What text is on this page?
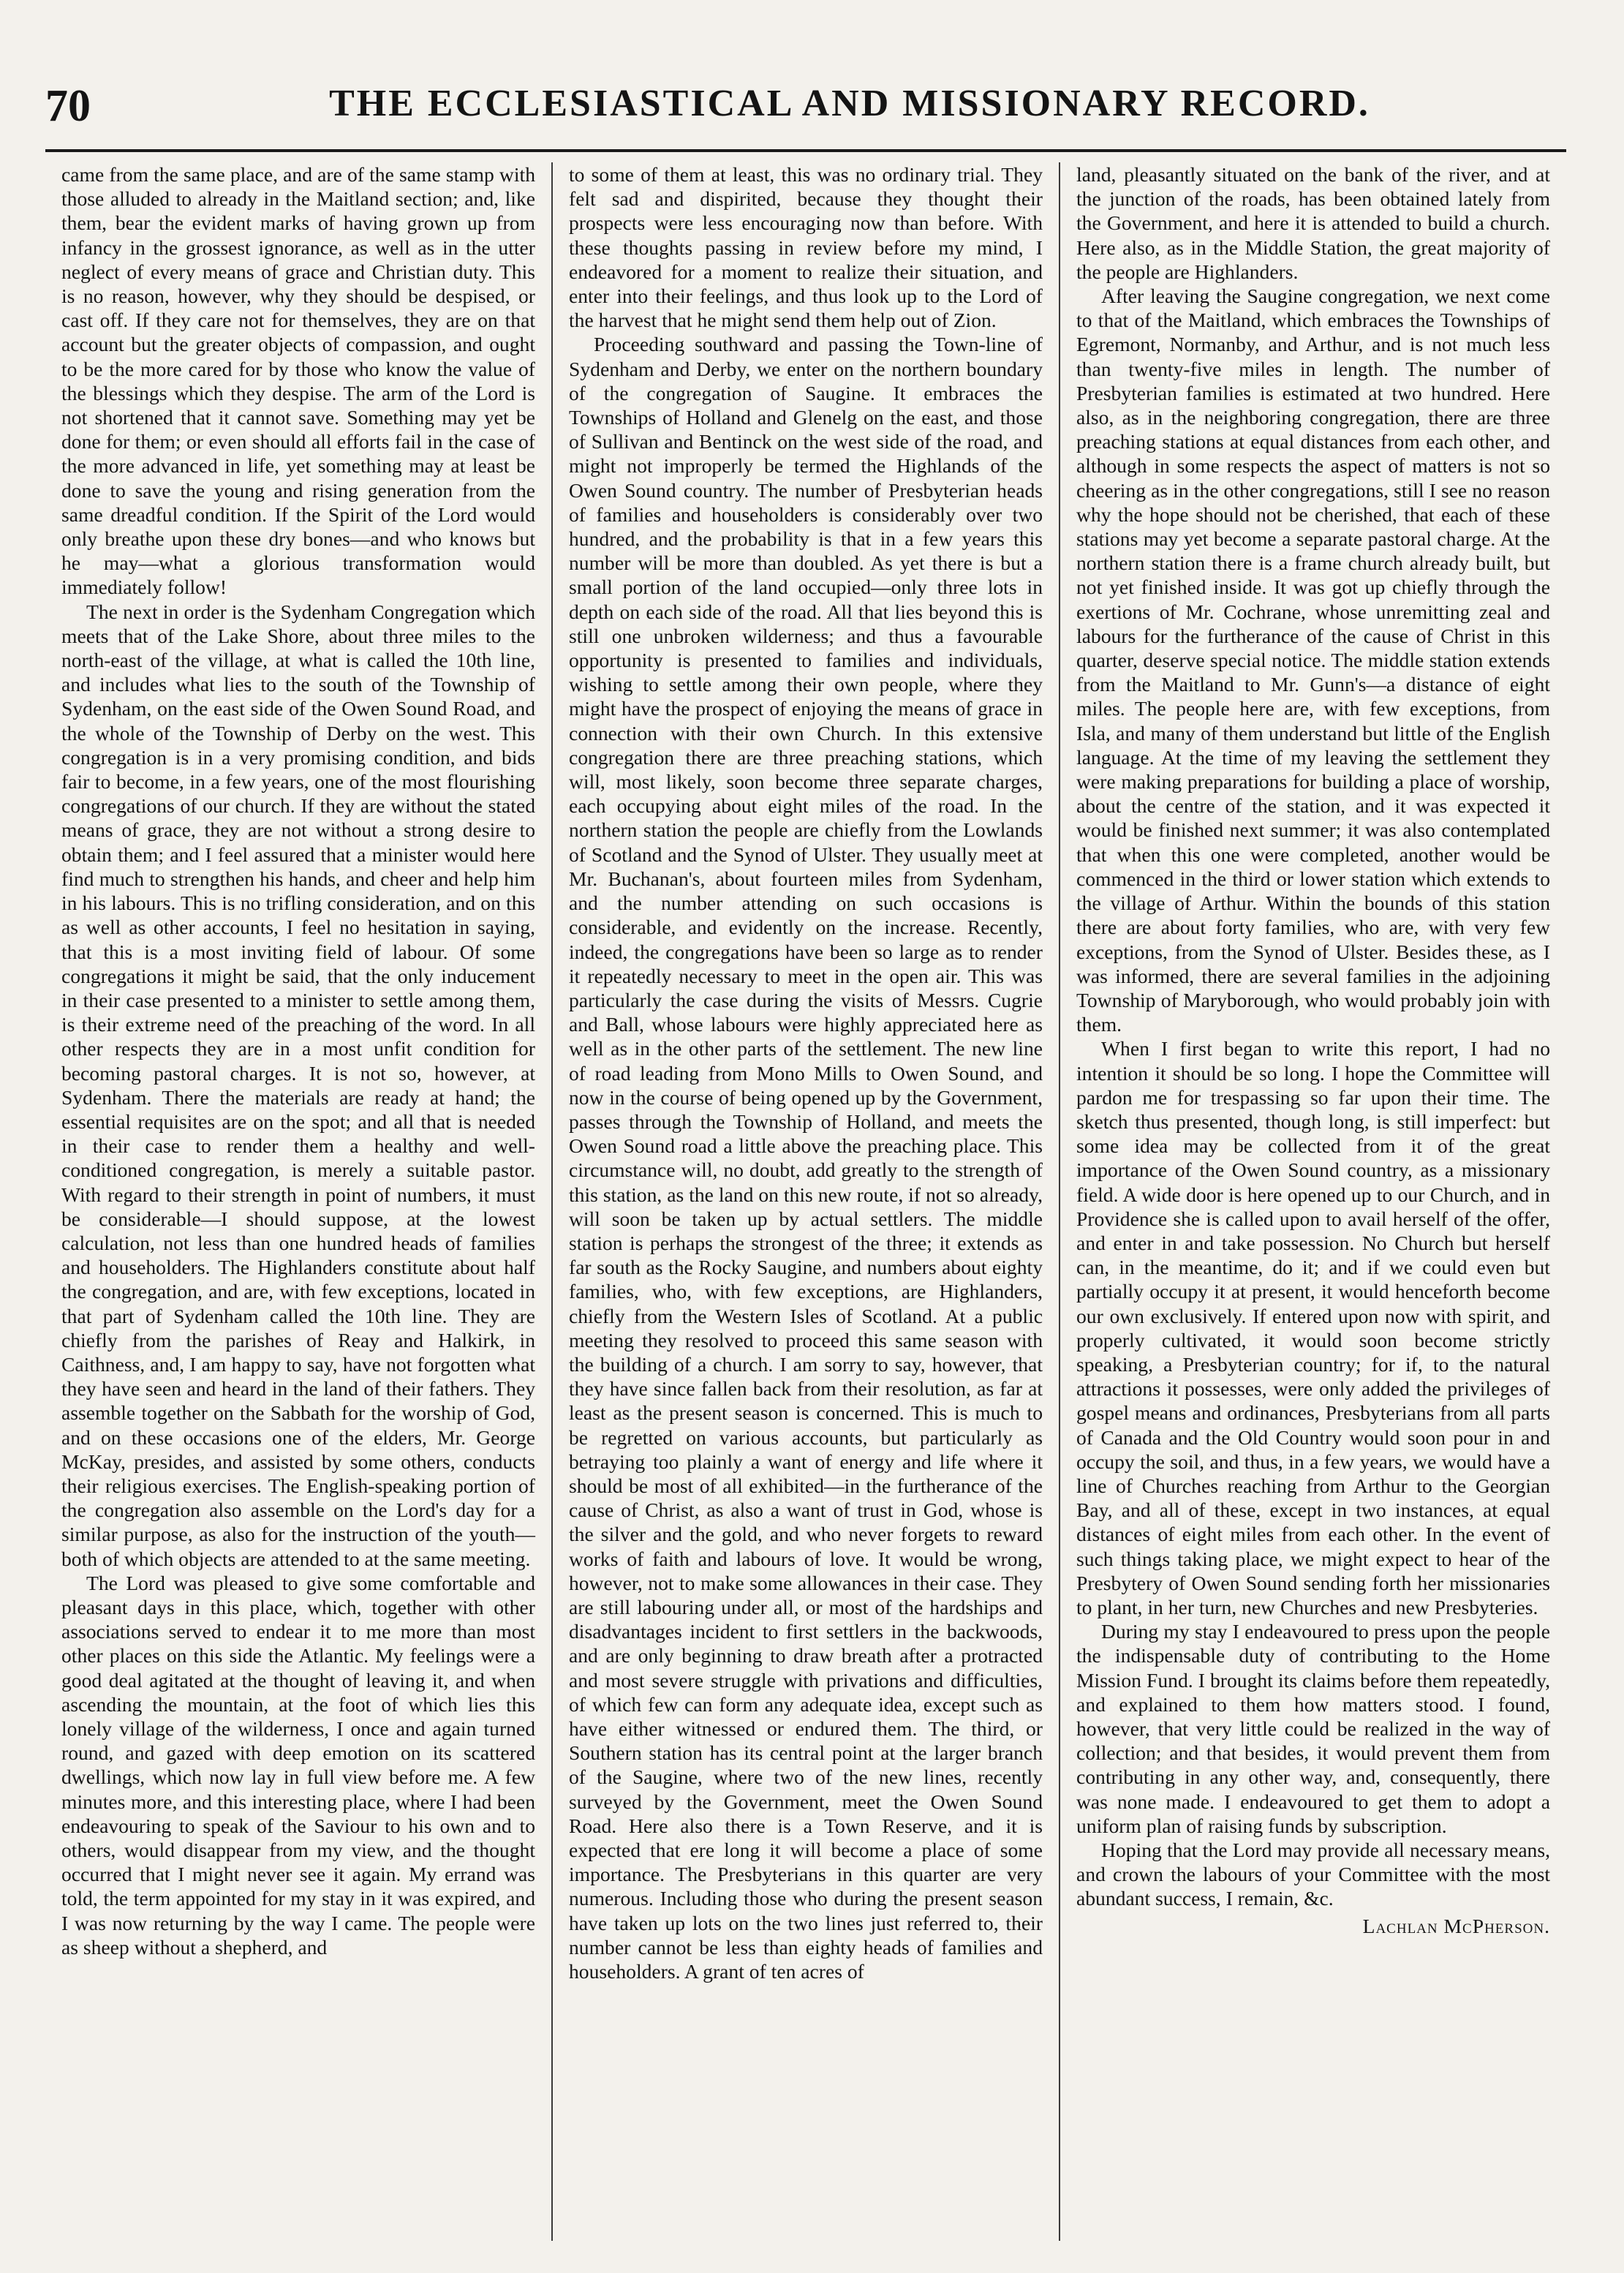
70	THE ECCLESIASTICAL AND MISSIONARY RECORD.

came from the same place, and are of the same stamp with those alluded to already in the Maitland section; and, like them, bear the evident marks of having grown up from infancy in the grossest ignorance, as well as in the utter neglect of every means of grace and Christian duty. This is no reason, however, why they should be despised, or cast off. If they care not for themselves, they are on that account but the greater objects of compassion, and ought to be the more cared for by those who know the value of the blessings which they despise. The arm of the Lord is not shortened that it cannot save. Something may yet be done for them; or even should all efforts fail in the case of the more advanced in life, yet something may at least be done to save the young and rising generation from the same dreadful condition. If the Spirit of the Lord would only breathe upon these dry bones—and who knows but he may—what a glorious transformation would immediately follow!

The next in order is the Sydenham Congregation which meets that of the Lake Shore, about three miles to the north-east of the village, at what is called the 10th line, and includes what lies to the south of the Township of Sydenham, on the east side of the Owen Sound Road, and the whole of the Township of Derby on the west. This congregation is in a very promising condition, and bids fair to become, in a few years, one of the most flourishing congregations of our church. If they are without the stated means of grace, they are not without a strong desire to obtain them; and I feel assured that a minister would here find much to strengthen his hands, and cheer and help him in his labours. This is no trifling consideration, and on this as well as other accounts, I feel no hesitation in saying, that this is a most inviting field of labour. Of some congregations it might be said, that the only inducement in their case presented to a minister to settle among them, is their extreme need of the preaching of the word. In all other respects they are in a most unfit condition for becoming pastoral charges. It is not so, however, at Sydenham. There the materials are ready at hand; the essential requisites are on the spot; and all that is needed in their case to render them a healthy and well-conditioned congregation, is merely a suitable pastor. With regard to their strength in point of numbers, it must be considerable—I should suppose, at the lowest calculation, not less than one hundred heads of families and householders. The Highlanders constitute about half the congregation, and are, with few exceptions, located in that part of Sydenham called the 10th line. They are chiefly from the parishes of Reay and Halkirk, in Caithness, and, I am happy to say, have not forgotten what they have seen and heard in the land of their fathers. They assemble together on the Sabbath for the worship of God, and on these occasions one of the elders, Mr. George McKay, presides, and assisted by some others, conducts their religious exercises. The English-speaking portion of the congregation also assemble on the Lord's day for a similar purpose, as also for the instruction of the youth—both of which objects are attended to at the same meeting.

The Lord was pleased to give some comfortable and pleasant days in this place, which, together with other associations served to endear it to me more than most other places on this side the Atlantic. My feelings were a good deal agitated at the thought of leaving it, and when ascending the mountain, at the foot of which lies this lonely village of the wilderness, I once and again turned round, and gazed with deep emotion on its scattered dwellings, which now lay in full view before me. A few minutes more, and this interesting place, where I had been endeavouring to speak of the Saviour to his own and to others, would disappear from my view, and the thought occurred that I might never see it again. My errand was told, the term appointed for my stay in it was expired, and I was now returning by the way I came. The people were as sheep without a shepherd, and

to some of them at least, this was no ordinary trial. They felt sad and dispirited, because they thought their prospects were less encouraging now than before. With these thoughts passing in review before my mind, I endeavored for a moment to realize their situation, and enter into their feelings, and thus look up to the Lord of the harvest that he might send them help out of Zion.

Proceeding southward and passing the Town-line of Sydenham and Derby, we enter on the northern boundary of the congregation of Saugine. It embraces the Townships of Holland and Glenelg on the east, and those of Sullivan and Bentinck on the west side of the road, and might not improperly be termed the Highlands of the Owen Sound country. The number of Presbyterian heads of families and householders is considerably over two hundred, and the probability is that in a few years this number will be more than doubled. As yet there is but a small portion of the land occupied—only three lots in depth on each side of the road. All that lies beyond this is still one unbroken wilderness; and thus a favourable opportunity is presented to families and individuals, wishing to settle among their own people, where they might have the prospect of enjoying the means of grace in connection with their own Church. In this extensive congregation there are three preaching stations, which will, most likely, soon become three separate charges, each occupying about eight miles of the road. In the northern station the people are chiefly from the Lowlands of Scotland and the Synod of Ulster. They usually meet at Mr. Buchanan's, about fourteen miles from Sydenham, and the number attending on such occasions is considerable, and evidently on the increase. Recently, indeed, the congregations have been so large as to render it repeatedly necessary to meet in the open air. This was particularly the case during the visits of Messrs. Cugrie and Ball, whose labours were highly appreciated here as well as in the other parts of the settlement. The new line of road leading from Mono Mills to Owen Sound, and now in the course of being opened up by the Government, passes through the Township of Holland, and meets the Owen Sound road a little above the preaching place. This circumstance will, no doubt, add greatly to the strength of this station, as the land on this new route, if not so already, will soon be taken up by actual settlers. The middle station is perhaps the strongest of the three; it extends as far south as the Rocky Saugine, and numbers about eighty families, who, with few exceptions, are Highlanders, chiefly from the Western Isles of Scotland. At a public meeting they resolved to proceed this same season with the building of a church. I am sorry to say, however, that they have since fallen back from their resolution, as far at least as the present season is concerned. This is much to be regretted on various accounts, but particularly as betraying too plainly a want of energy and life where it should be most of all exhibited—in the furtherance of the cause of Christ, as also a want of trust in God, whose is the silver and the gold, and who never forgets to reward works of faith and labours of love. It would be wrong, however, not to make some allowances in their case. They are still labouring under all, or most of the hardships and disadvantages incident to first settlers in the backwoods, and are only beginning to draw breath after a protracted and most severe struggle with privations and difficulties, of which few can form any adequate idea, except such as have either witnessed or endured them. The third, or Southern station has its central point at the larger branch of the Saugine, where two of the new lines, recently surveyed by the Government, meet the Owen Sound Road. Here also there is a Town Reserve, and it is expected that ere long it will become a place of some importance. The Presbyterians in this quarter are very numerous. Including those who during the present season have taken up lots on the two lines just referred to, their number cannot be less than eighty heads of families and householders. A grant of ten acres of

land, pleasantly situated on the bank of the river, and at the junction of the roads, has been obtained lately from the Government, and here it is attended to build a church. Here also, as in the Middle Station, the great majority of the people are Highlanders.

After leaving the Saugine congregation, we next come to that of the Maitland, which embraces the Townships of Egremont, Normanby, and Arthur, and is not much less than twenty-five miles in length. The number of Presbyterian families is estimated at two hundred. Here also, as in the neighboring congregation, there are three preaching stations at equal distances from each other, and although in some respects the aspect of matters is not so cheering as in the other congregations, still I see no reason why the hope should not be cherished, that each of these stations may yet become a separate pastoral charge. At the northern station there is a frame church already built, but not yet finished inside. It was got up chiefly through the exertions of Mr. Cochrane, whose unremitting zeal and labours for the furtherance of the cause of Christ in this quarter, deserve special notice. The middle station extends from the Maitland to Mr. Gunn's—a distance of eight miles. The people here are, with few exceptions, from Isla, and many of them understand but little of the English language. At the time of my leaving the settlement they were making preparations for building a place of worship, about the centre of the station, and it was expected it would be finished next summer; it was also contemplated that when this one were completed, another would be commenced in the third or lower station which extends to the village of Arthur. Within the bounds of this station there are about forty families, who are, with very few exceptions, from the Synod of Ulster. Besides these, as I was informed, there are several families in the adjoining Township of Maryborough, who would probably join with them.

When I first began to write this report, I had no intention it should be so long. I hope the Committee will pardon me for trespassing so far upon their time. The sketch thus presented, though long, is still imperfect: but some idea may be collected from it of the great importance of the Owen Sound country, as a missionary field. A wide door is here opened up to our Church, and in Providence she is called upon to avail herself of the offer, and enter in and take possession. No Church but herself can, in the meantime, do it; and if we could even but partially occupy it at present, it would henceforth become our own exclusively. If entered upon now with spirit, and properly cultivated, it would soon become strictly speaking, a Presbyterian country; for if, to the natural attractions it possesses, were only added the privileges of gospel means and ordinances, Presbyterians from all parts of Canada and the Old Country would soon pour in and occupy the soil, and thus, in a few years, we would have a line of Churches reaching from Arthur to the Georgian Bay, and all of these, except in two instances, at equal distances of eight miles from each other. In the event of such things taking place, we might expect to hear of the Presbytery of Owen Sound sending forth her missionaries to plant, in her turn, new Churches and new Presbyteries.

During my stay I endeavoured to press upon the people the indispensable duty of contributing to the Home Mission Fund. I brought its claims before them repeatedly, and explained to them how matters stood. I found, however, that very little could be realized in the way of collection; and that besides, it would prevent them from contributing in any other way, and, consequently, there was none made. I endeavoured to get them to adopt a uniform plan of raising funds by subscription.

Hoping that the Lord may provide all necessary means, and crown the labours of your Committee with the most abundant success, I remain, &c.

Lachlan McPherson.
